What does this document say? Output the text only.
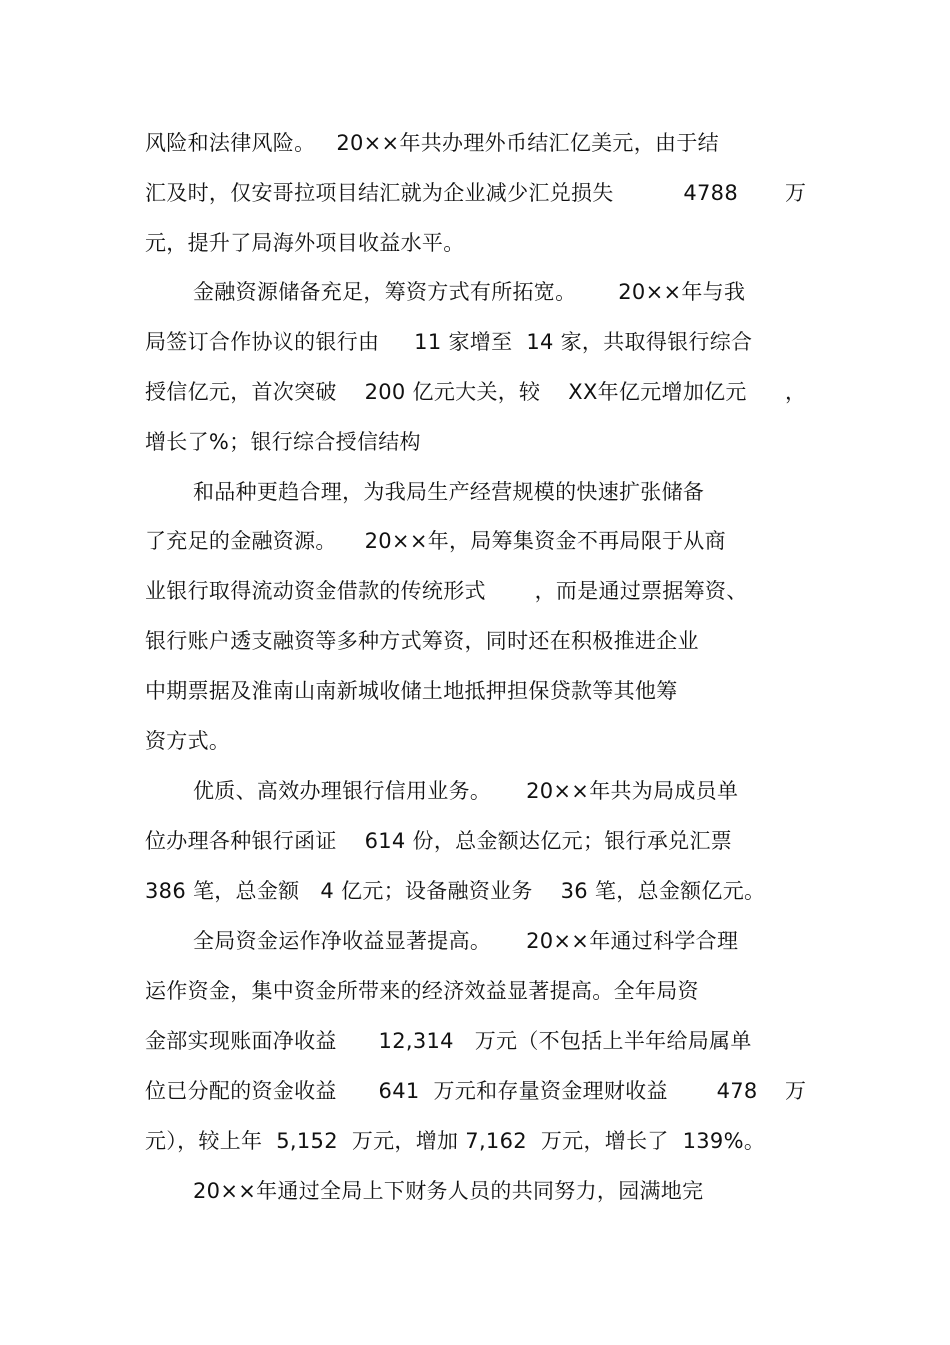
风险和法律风险。   20××年共办理外币结汇亿美元，由于结
汇及时，仅安哥拉项目结汇就为企业减少汇兑损失          4788	万
元，提升了局海外项目收益水平。
金融资源储备充足，筹资方式有所拓宽。      20××年与我
局签订合作协议的银行由     11 家增至  14 家，共取得银行综合
授信亿元，首次突破    200 亿元大关，较    XX年亿元增加亿元	，
增长了%；银行综合授信结构
和品种更趋合理，为我局生产经营规模的快速扩张储备
了充足的金融资源。    20××年，局筹集资金不再局限于从商
业银行取得流动资金借款的传统形式       ，而是通过票据筹资、
银行账户透支融资等多种方式筹资，同时还在积极推进企业
中期票据及淮南山南新城收储土地抵押担保贷款等其他筹
资方式。
优质、高效办理银行信用业务。     20××年共为局成员单
位办理各种银行函证    614 份，总金额达亿元；银行承兑汇票
386 笔，总金额   4 亿元；设备融资业务    36 笔，总金额亿元。
全局资金运作净收益显著提高。     20××年通过科学合理
运作资金，集中资金所带来的经济效益显著提高。全年局资
金部实现账面净收益      12,314   万元（不包括上半年给局属单
位已分配的资金收益      641  万元和存量资金理财收益       478	万
元），较上年  5,152  万元，增加 7,162  万元，增长了  139%。
20××年通过全局上下财务人员的共同努力，园满地完
